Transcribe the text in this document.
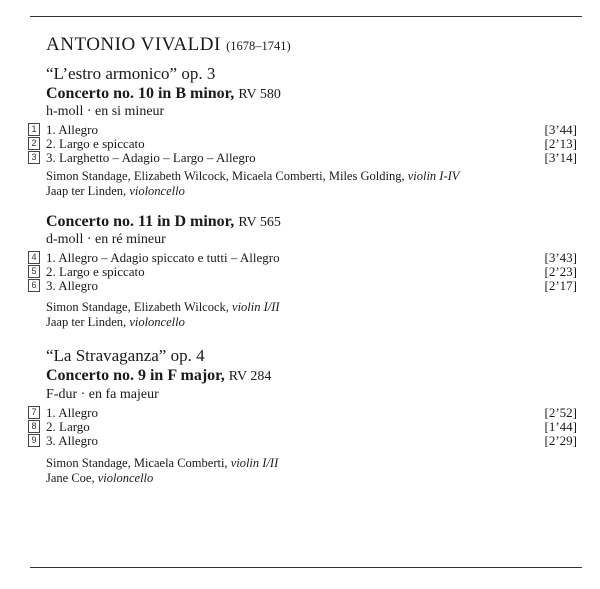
ANTONIO VIVALDI (1678–1741)
“L’estro armonico” op. 3
Concerto no. 10 in B minor, RV 580
h-moll · en si mineur
1 1. Allegro	[3’44]
2 2. Largo e spiccato	[2’13]
3 3. Larghetto – Adagio – Largo – Allegro	[3’14]
Simon Standage, Elizabeth Wilcock, Micaela Comberti, Miles Golding, violin I-IV
Jaap ter Linden, violoncello
Concerto no. 11 in D minor, RV 565
d-moll · en ré mineur
4 1. Allegro – Adagio spiccato e tutti – Allegro	[3’43]
5 2. Largo e spiccato	[2’23]
6 3. Allegro	[2’17]
Simon Standage, Elizabeth Wilcock, violin I/II
Jaap ter Linden, violoncello
“La Stravaganza” op. 4
Concerto no. 9 in F major, RV 284
F-dur · en fa majeur
7 1. Allegro	[2’52]
8 2. Largo	[1’44]
9 3. Allegro	[2’29]
Simon Standage, Micaela Comberti, violin I/II
Jane Coe, violoncello
